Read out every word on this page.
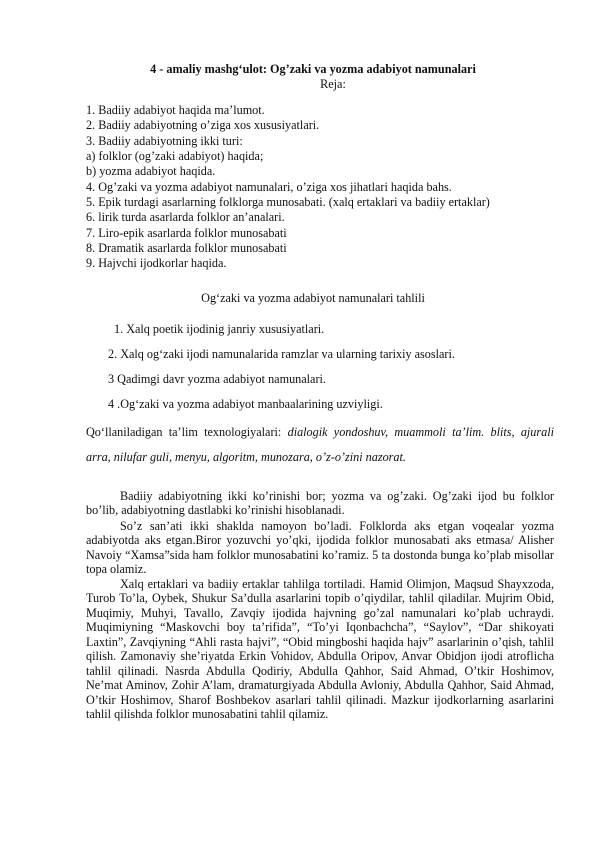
4 - amaliy mashg‘ulot: Og’zaki va yozma adabiyot namunalari
Reja:
1. Badiiy adabiyot haqida ma’lumot.
2. Badiiy adabiyotning o’ziga xos xususiyatlari.
3. Badiiy adabiyotning ikki turi:
a) folklor (og’zaki adabiyot) haqida;
b) yozma adabiyot haqida.
4. Og’zaki va yozma adabiyot namunalari, o’ziga xos jihatlari haqida bahs.
5. Epik turdagi asarlarning folklorga munosabati. (xalq ertaklari va badiiy ertaklar)
6. lirik turda asarlarda folklor an’analari.
7. Liro-epik asarlarda folklor munosabati
8. Dramatik asarlarda folklor munosabati
9. Hajvchi ijodkorlar haqida.
Og‘zaki va yozma adabiyot namunalari tahlili
1. Xalq poetik ijodinig janriy xususiyatlari.
2. Xalq og‘zaki ijodi namunalarida ramzlar va ularning tarixiy asoslari.
3 Qadimgi davr yozma adabiyot namunalari.
4 .Og‘zaki va yozma adabiyot manbaalarining uzviyligi.
Qo‘llaniladigan ta’lim texnologiyalari: dialogik yondoshuv, muammoli ta’lim. blits, ajurali arra, nilufar guli, menyu, algoritm, munozara, o’z-o’zini nazorat.

Badiiy adabiyotning ikki ko’rinishi bor; yozma va og’zaki. Og’zaki ijod bu folklor bo’lib, adabiyotning dastlabki ko’rinishi hisoblanadi.

So’z san’ati ikki shaklda namoyon bo’ladi. Folklorda aks etgan voqealar yozma adabiyotda aks etgan.Biror yozuvchi yo’qki, ijodida folklor munosabati aks etmasa/ Alisher Navoiy “Xamsa”sida ham folklor munosabatini ko’ramiz. 5 ta dostonda bunga ko’plab misollar topa olamiz.

Xalq ertaklari va badiiy ertaklar tahlilga tortiladi. Hamid Olimjon, Maqsud Shayxzoda, Turob To’la, Oybek, Shukur Sa’dulla asarlarini topib o’qiydilar, tahlil qiladilar. Mujrim Obid, Muqimiy, Muhyi, Tavallo, Zavqiy ijodida hajvning go’zal namunalari ko’plab uchraydi. Muqimiyning “Maskovchi boy ta’rifida”, “To’yi Iqonbachcha”, “Saylov”, “Dar shikoyati Laxtin”, Zavqiyning “Ahli rasta hajvi”, “Obid mingboshi haqida hajv” asarlarinin o’qish, tahlil qilish. Zamonaviy she’riyatda Erkin Vohidov, Abdulla Oripov, Anvar Obidjon ijodi atroflicha tahlil qilinadi. Nasrda Abdulla Qodiriy, Abdulla Qahhor, Said Ahmad, O’tkir Hoshimov, Ne’mat Aminov, Zohir A’lam, dramaturgiyada Abdulla Avloniy, Abdulla Qahhor, Said Ahmad, O’tkir Hoshimov, Sharof Boshbekov asarlari tahlil qilinadi. Mazkur ijodkorlarning asarlarini tahlil qilishda folklor munosabatini tahlil qilamiz.
